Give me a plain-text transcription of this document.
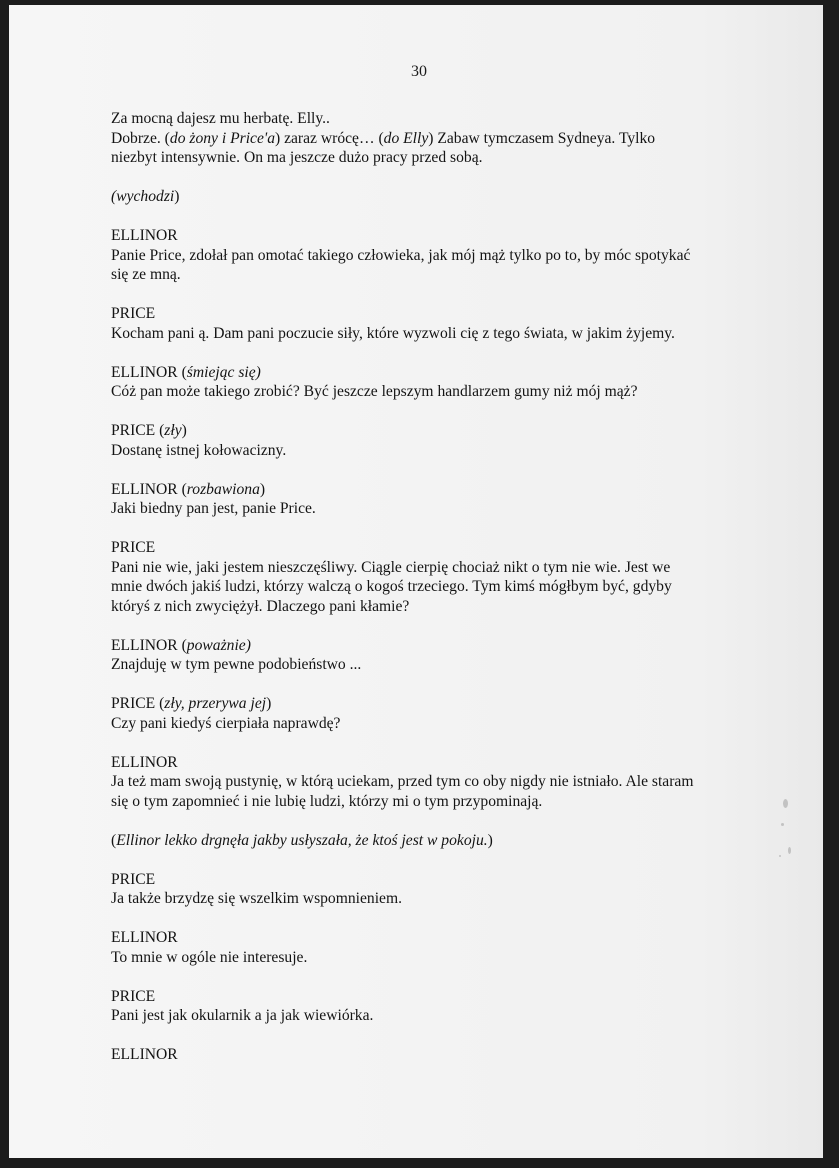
30
Za mocną dajesz mu herbatę. Elly..
Dobrze. (do żony i Price'a) zaraz wrócę… (do Elly) Zabaw tymczasem Sydneya. Tylko
niezbyt intensywnie. On ma jeszcze dużo pracy przed sobą.
(wychodzi)
ELLINOR
Panie Price, zdołał pan omotać takiego człowieka, jak mój mąż tylko po to, by móc spotykać
się ze mną.
PRICE
Kocham pani ą. Dam pani poczucie siły, które wyzwoli cię z tego świata, w jakim żyjemy.
ELLINOR (śmiejąc się)
Cóż pan może takiego zrobić? Być jeszcze lepszym handlarzem gumy niż mój mąż?
PRICE (zły)
Dostanę istnej kołowacizny.
ELLINOR (rozbawiona)
Jaki biedny pan jest, panie Price.
PRICE
Pani nie wie, jaki jestem nieszczęśliwy. Ciągle cierpię chociaż nikt o tym nie wie. Jest we
mnie dwóch jakiś ludzi, którzy walczą o kogoś trzeciego. Tym kimś mógłbym być, gdyby
któryś z nich zwyciężył. Dlaczego pani kłamie?
ELLINOR (poważnie)
Znajduję w tym pewne podobieństwo ...
PRICE (zły, przerywa jej)
Czy pani kiedyś cierpiała naprawdę?
ELLINOR
Ja też mam swoją pustynię, w którą uciekam, przed tym co oby nigdy nie istniało. Ale staram
się o tym zapomnieć i nie lubię ludzi, którzy mi o tym przypominają.
(Ellinor lekko drgnęła jakby usłyszała, że ktoś jest w pokoju.)
PRICE
Ja także brzydzę się wszelkim wspomnieniem.
ELLINOR
To mnie w ogóle nie interesuje.
PRICE
Pani jest jak okularnik a ja jak wiewiórka.
ELLINOR
